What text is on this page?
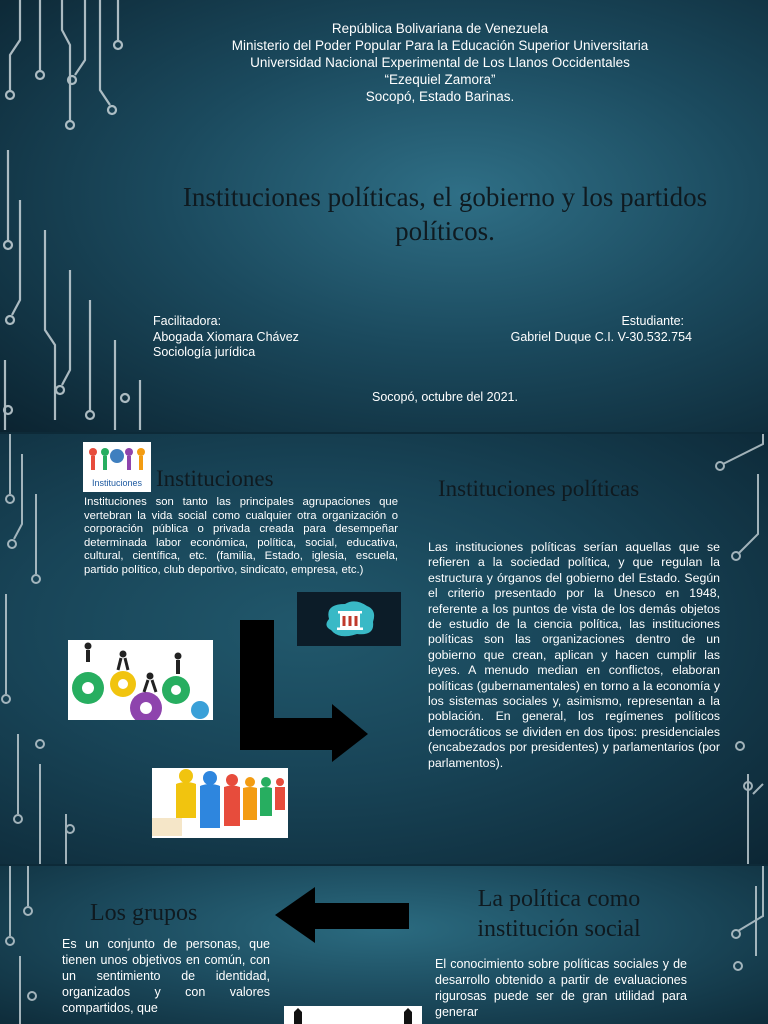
República Bolivariana de Venezuela
Ministerio del Poder Popular Para la Educación Superior Universitaria
Universidad Nacional Experimental de Los Llanos Occidentales
“Ezequiel Zamora”
Socopó, Estado Barinas.
Instituciones políticas, el gobierno y los partidos políticos.
Facilitadora:
Abogada Xiomara Chávez
Sociología jurídica
Estudiante:
Gabriel Duque C.I. V-30.532.754
Socopó, octubre del 2021.
Instituciones Instituciones
Instituciones son tanto las principales agrupaciones que vertebran la vida social como cualquier otra organización o corporación pública o privada creada para desempeñar determinada labor económica, política, social, educativa, cultural, científica, etc. (familia, Estado, iglesia, escuela, partido político, club deportivo, sindicato, empresa, etc.)
Instituciones políticas
Las instituciones políticas serían aquellas que se refieren a la sociedad política, y que regulan la estructura y órganos del gobierno del Estado. Según el criterio presentado por la Unesco en 1948, referente a los puntos de vista de los demás objetos de estudio de la ciencia política, las instituciones políticas son las organizaciones dentro de un gobierno que crean, aplican y hacen cumplir las leyes. A menudo median en conflictos, elaboran políticas (gubernamentales) en torno a la economía y los sistemas sociales y, asimismo, representan a la población. En general, los regímenes políticos democráticos se dividen en dos tipos: presidenciales (encabezados por presidentes) y parlamentarios (por parlamentos).
Los grupos
Es un conjunto de personas, que tienen unos objetivos en común, con un sentimiento de identidad, organizados y con valores compartidos, que
La política como institución social
El conocimiento sobre políticas sociales y de desarrollo obtenido a partir de evaluaciones rigurosas puede ser de gran utilidad para generar
